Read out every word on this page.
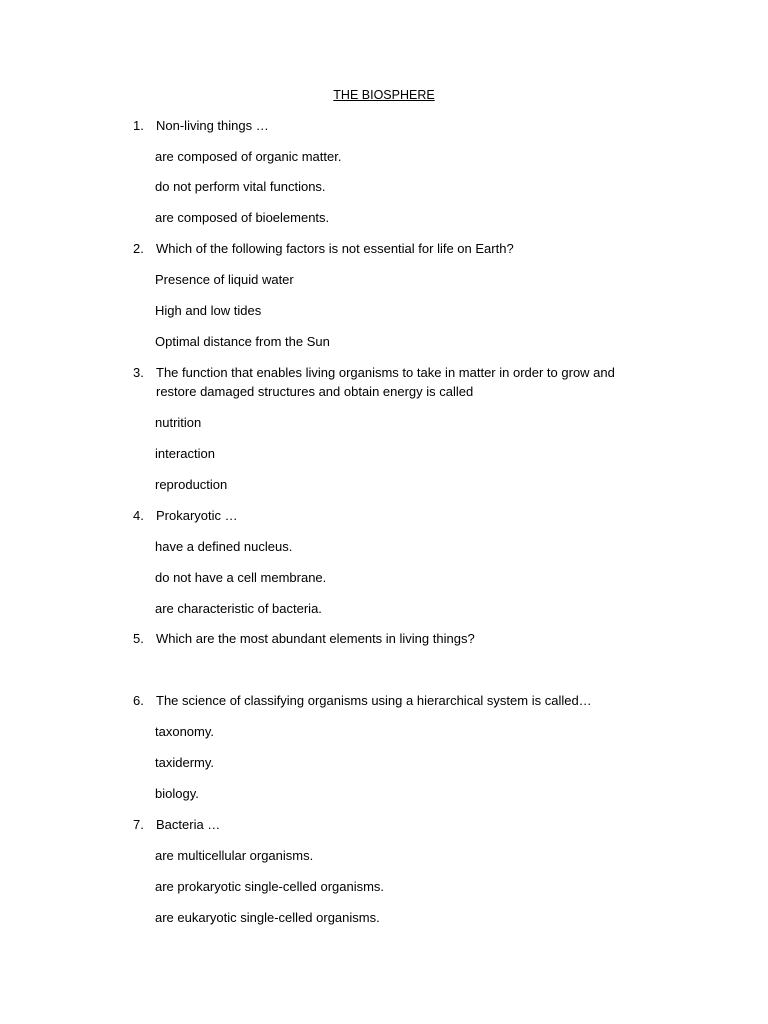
THE BIOSPHERE
1. Non-living things …
are composed of organic matter.
do not perform vital functions.
are composed of bioelements.
2. Which of the following factors is not essential for life on Earth?
Presence of liquid water
High and low tides
Optimal distance from the Sun
3. The function that enables living organisms to take in matter in order to grow and
restore damaged structures and obtain energy is called
nutrition
interaction
reproduction
4. Prokaryotic …
have a defined nucleus.
do not have a cell membrane.
are characteristic of bacteria.
5. Which are the most abundant elements in living things?
6. The science of classifying organisms using a hierarchical system is called…
taxonomy.
taxidermy.
biology.
7. Bacteria …
are multicellular organisms.
are prokaryotic single-celled organisms.
are eukaryotic single-celled organisms.
